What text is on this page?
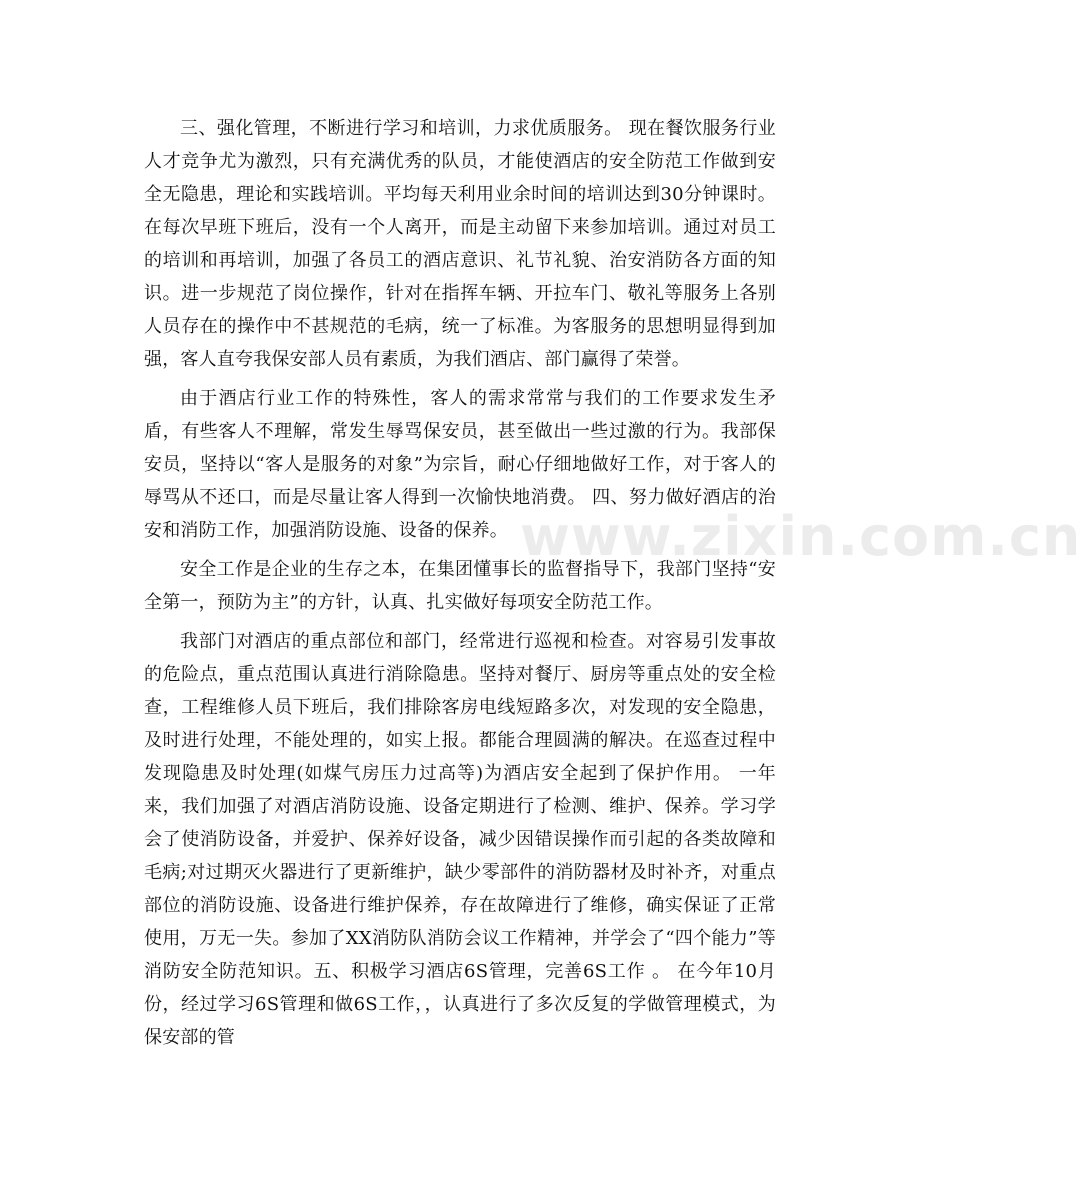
三、强化管理，不断进行学习和培训，力求优质服务。 现在餐饮服务行业人才竞争尤为激烈，只有充满优秀的队员，才能使酒店的安全防范工作做到安全无隐患，理论和实践培训。平均每天利用业余时间的培训达到30分钟课时。在每次早班下班后，没有一个人离开，而是主动留下来参加培训。通过对员工的培训和再培训，加强了各员工的酒店意识、礼节礼貌、治安消防各方面的知识。进一步规范了岗位操作，针对在指挥车辆、开拉车门、敬礼等服务上各别人员存在的操作中不甚规范的毛病，统一了标准。为客服务的思想明显得到加强，客人直夸我保安部人员有素质，为我们酒店、部门赢得了荣誉。

由于酒店行业工作的特殊性，客人的需求常常与我们的工作要求发生矛盾，有些客人不理解，常发生辱骂保安员，甚至做出一些过激的行为。我部保安员，坚持以“客人是服务的对象”为宗旨，耐心仔细地做好工作，对于客人的辱骂从不还口，而是尽量让客人得到一次愉快地消费。 四、努力做好酒店的治安和消防工作，加强消防设施、设备的保养。

安全工作是企业的生存之本，在集团懂事长的监督指导下，我部门坚持“安全第一，预防为主”的方针，认真、扎实做好每项安全防范工作。

我部门对酒店的重点部位和部门，经常进行巡视和检查。对容易引发事故的危险点，重点范围认真进行消除隐患。坚持对餐厅、厨房等重点处的安全检查，工程维修人员下班后，我们排除客房电线短路多次，对发现的安全隐患，及时进行处理，不能处理的，如实上报。都能合理圆满的解决。在巡查过程中发现隐患及时处理(如煤气房压力过高等)为酒店安全起到了保护作用。 一年来，我们加强了对酒店消防设施、设备定期进行了检测、维护、保养。学习学会了使消防设备，并爱护、保养好设备，减少因错误操作而引起的各类故障和毛病;对过期灭火器进行了更新维护，缺少零部件的消防器材及时补齐，对重点部位的消防设施、设备进行维护保养，存在故障进行了维修，确实保证了正常使用，万无一失。参加了XX消防队消防会议工作精神，并学会了“四个能力”等消防安全防范知识。五、积极学习酒店6S管理，完善6S工作 。 在今年10月份，经过学习6S管理和做6S工作，，认真进行了多次反复的学做管理模式，为保安部的管

www.zixin.com.cn
